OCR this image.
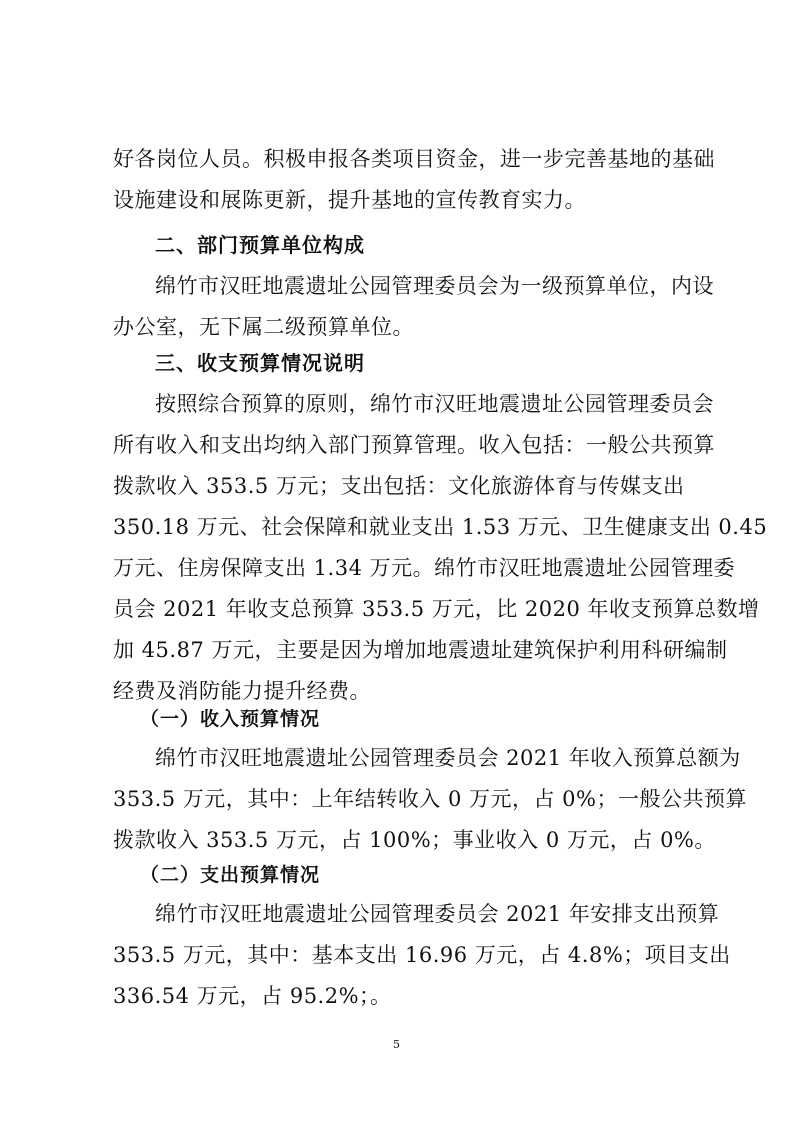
好各岗位人员。积极申报各类项目资金，进一步完善基地的基础
设施建设和展陈更新，提升基地的宣传教育实力。
二、部门预算单位构成
绵竹市汉旺地震遗址公园管理委员会为一级预算单位，内设
办公室，无下属二级预算单位。
三、收支预算情况说明
按照综合预算的原则，绵竹市汉旺地震遗址公园管理委员会
所有收入和支出均纳入部门预算管理。收入包括：一般公共预算
拨款收入 353.5 万元；支出包括：文化旅游体育与传媒支出
350.18 万元、社会保障和就业支出 1.53 万元、卫生健康支出 0.45
万元、住房保障支出 1.34 万元。绵竹市汉旺地震遗址公园管理委
员会 2021 年收支总预算 353.5 万元，比 2020 年收支预算总数增
加 45.87 万元，主要是因为增加地震遗址建筑保护利用科研编制
经费及消防能力提升经费。
（一）收入预算情况
绵竹市汉旺地震遗址公园管理委员会 2021 年收入预算总额为
353.5 万元，其中：上年结转收入 0 万元，占 0%；一般公共预算
拨款收入 353.5 万元，占 100%；事业收入 0 万元，占 0%。
（二）支出预算情况
绵竹市汉旺地震遗址公园管理委员会 2021 年安排支出预算
353.5 万元，其中：基本支出 16.96 万元，占 4.8%；项目支出
336.54 万元，占 95.2%；。
5
